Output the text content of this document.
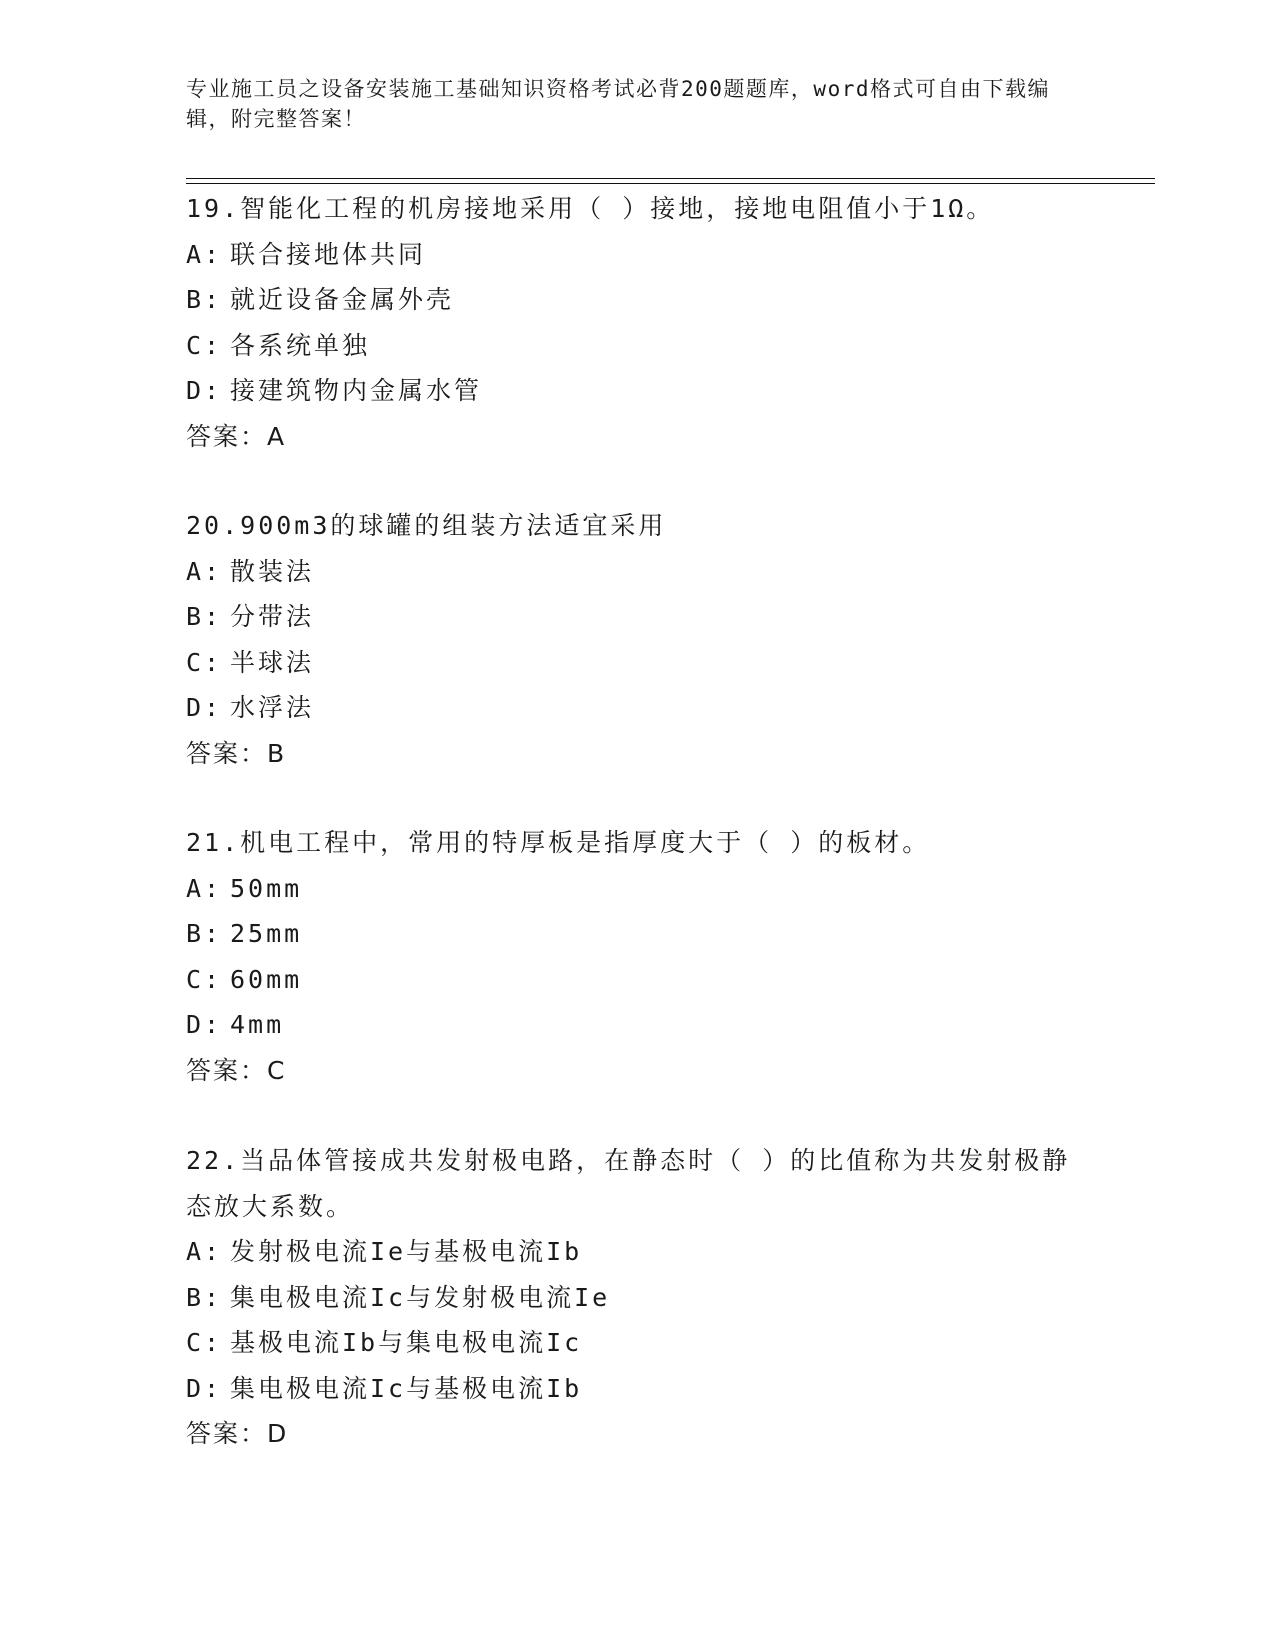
专业施工员之设备安装施工基础知识资格考试必背200题题库，word格式可自由下载编辑，附完整答案！
19.智能化工程的机房接地采用（ ）接地，接地电阻值小于1Ω。
A: 联合接地体共同
B: 就近设备金属外壳
C: 各系统单独
D: 接建筑物内金属水管
答案：A
20.900m3的球罐的组装方法适宜采用
A: 散装法
B: 分带法
C: 半球法
D: 水浮法
答案：B
21.机电工程中，常用的特厚板是指厚度大于（ ）的板材。
A: 50mm
B: 25mm
C: 60mm
D: 4mm
答案：C
22.当品体管接成共发射极电路，在静态时（ ）的比值称为共发射极静态放大系数。
A: 发射极电流Ie与基极电流Ib
B: 集电极电流Ic与发射极电流Ie
C: 基极电流Ib与集电极电流Ic
D: 集电极电流Ic与基极电流Ib
答案：D
